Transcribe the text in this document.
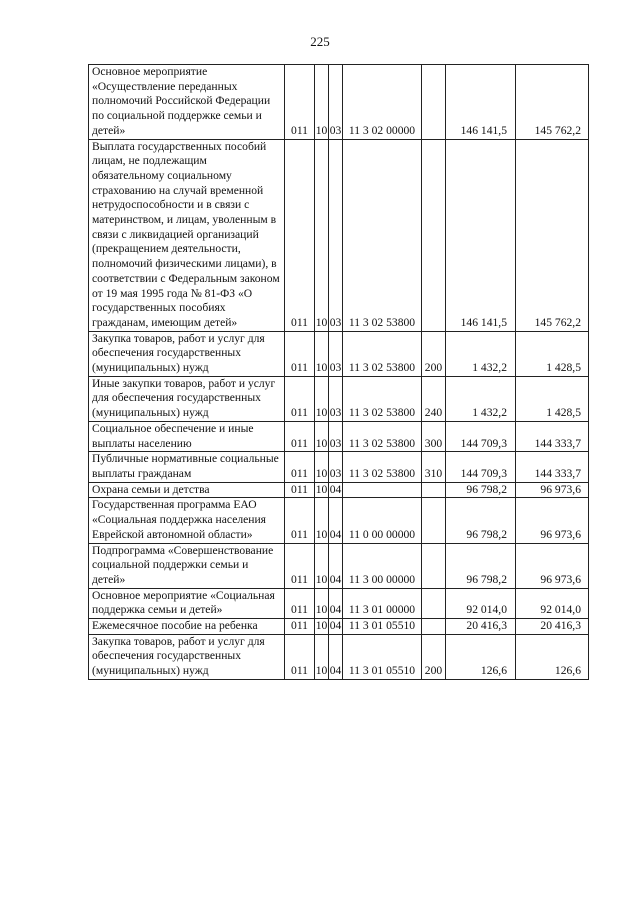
225
Основное мероприятие «Осуществление переданных полномочий Российской Федерации по социальной поддержке семьи и детей»	011	10	03	11 3 02 00000		146 141,5	145 762,2
Выплата государственных пособий лицам, не подлежащим обязательному социальному страхованию на случай временной нетрудоспособности и в связи с материнством, и лицам, уволенным в связи с ликвидацией организаций (прекращением деятельности, полномочий физическими лицами), в соответствии с Федеральным законом от 19 мая 1995 года № 81-ФЗ «О государственных пособиях гражданам, имеющим детей»	011	10	03	11 3 02 53800		146 141,5	145 762,2
Закупка товаров, работ и услуг для обеспечения государственных (муниципальных) нужд	011	10	03	11 3 02 53800	200	1 432,2	1 428,5
Иные закупки товаров, работ и услуг для обеспечения государственных (муниципальных) нужд	011	10	03	11 3 02 53800	240	1 432,2	1 428,5
Социальное обеспечение и иные выплаты населению	011	10	03	11 3 02 53800	300	144 709,3	144 333,7
Публичные нормативные социальные выплаты гражданам	011	10	03	11 3 02 53800	310	144 709,3	144 333,7
Охрана семьи и детства	011	10	04			96 798,2	96 973,6
Государственная программа ЕАО «Социальная поддержка населения Еврейской автономной области»	011	10	04	11 0 00 00000		96 798,2	96 973,6
Подпрограмма «Совершенствование социальной поддержки семьи и детей»	011	10	04	11 3 00 00000		96 798,2	96 973,6
Основное мероприятие «Социальная поддержка семьи и детей»	011	10	04	11 3 01 00000		92 014,0	92 014,0
Ежемесячное пособие на ребенка	011	10	04	11 3 01 05510		20 416,3	20 416,3
Закупка товаров, работ и услуг для обеспечения государственных (муниципальных) нужд	011	10	04	11 3 01 05510	200	126,6	126,6
